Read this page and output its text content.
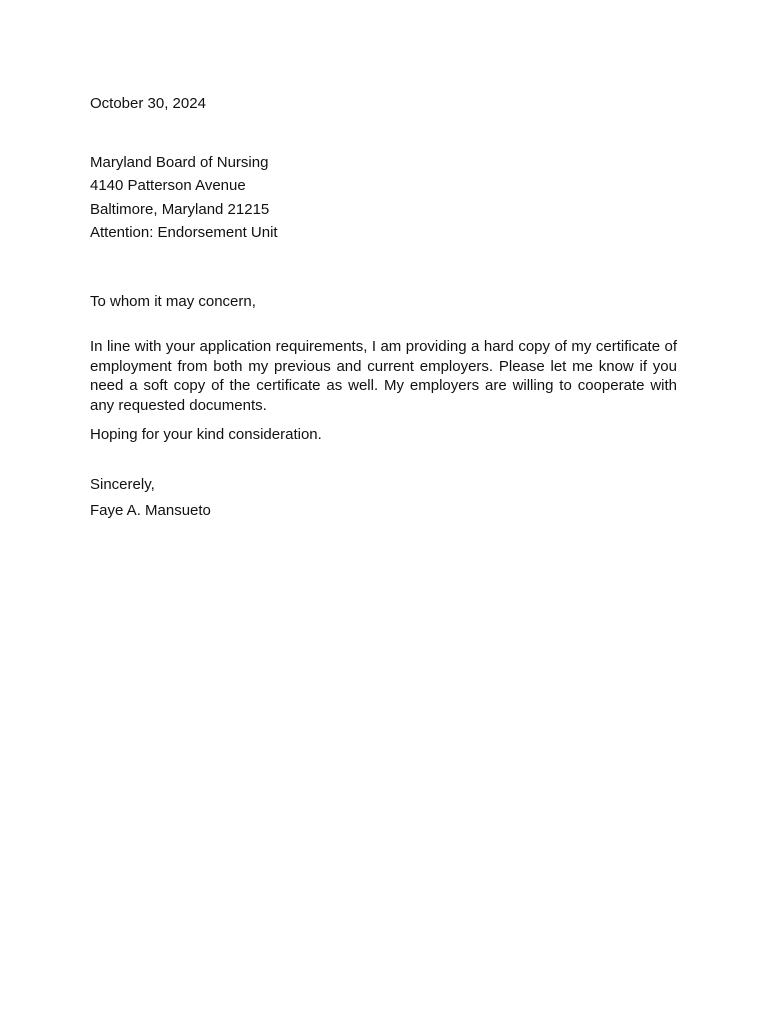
October 30, 2024

Maryland Board of Nursing

4140 Patterson Avenue

Baltimore, Maryland 21215

Attention: Endorsement Unit

To whom it may concern,

In line with your application requirements, I am providing a hard copy of my certificate of employment from both my previous and current employers. Please let me know if you need a soft copy of the certificate as well. My employers are willing to cooperate with any requested documents.

Hoping for your kind consideration.

Sincerely,

Faye A. Mansueto
